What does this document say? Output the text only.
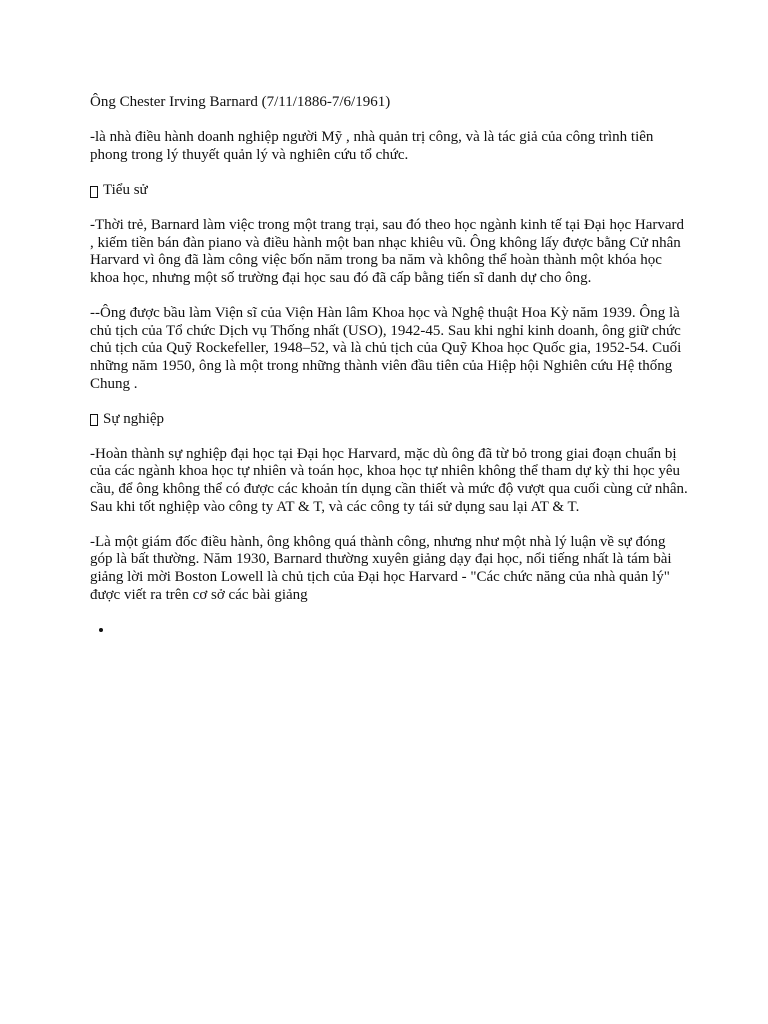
Ông Chester Irving Barnard (7/11/1886-7/6/1961)

-là nhà điều hành doanh nghiệp người Mỹ , nhà quản trị công, và là tác giả của công trình tiên phong trong lý thuyết quản lý và nghiên cứu tổ chức.

Tiểu sử

-Thời trẻ, Barnard làm việc trong một trang trại, sau đó theo học ngành kinh tế tại Đại học Harvard , kiếm tiền bán đàn piano và điều hành một ban nhạc khiêu vũ. Ông không lấy được bằng Cử nhân Harvard vì ông đã làm công việc bốn năm trong ba năm và không thể hoàn thành một khóa học khoa học, nhưng một số trường đại học sau đó đã cấp bằng tiến sĩ danh dự cho ông.

--Ông được bầu làm Viện sĩ của Viện Hàn lâm Khoa học và Nghệ thuật Hoa Kỳ năm 1939. Ông là chủ tịch của Tổ chức Dịch vụ Thống nhất (USO), 1942-45. Sau khi nghỉ kinh doanh, ông giữ chức chủ tịch của Quỹ Rockefeller, 1948–52, và là chủ tịch của Quỹ Khoa học Quốc gia, 1952-54. Cuối những năm 1950, ông là một trong những thành viên đầu tiên của Hiệp hội Nghiên cứu Hệ thống Chung .

Sự nghiệp

-Hoàn thành sự nghiệp đại học tại Đại học Harvard, mặc dù ông đã từ bỏ trong giai đoạn chuẩn bị của các ngành khoa học tự nhiên và toán học, khoa học tự nhiên không thể tham dự kỳ thi học yêu cầu, để ông không thể có được các khoản tín dụng cần thiết và mức độ vượt qua cuối cùng cử nhân. Sau khi tốt nghiệp vào công ty AT & T, và các công ty tái sử dụng sau lại AT & T.

-Là một giám đốc điều hành, ông không quá thành công, nhưng như một nhà lý luận về sự đóng góp là bất thường. Năm 1930, Barnard thường xuyên giảng dạy đại học, nổi tiếng nhất là tám bài giảng lời mời Boston Lowell là chủ tịch của Đại học Harvard - "Các chức năng của nhà quản lý" được viết ra trên cơ sở các bài giảng

•
